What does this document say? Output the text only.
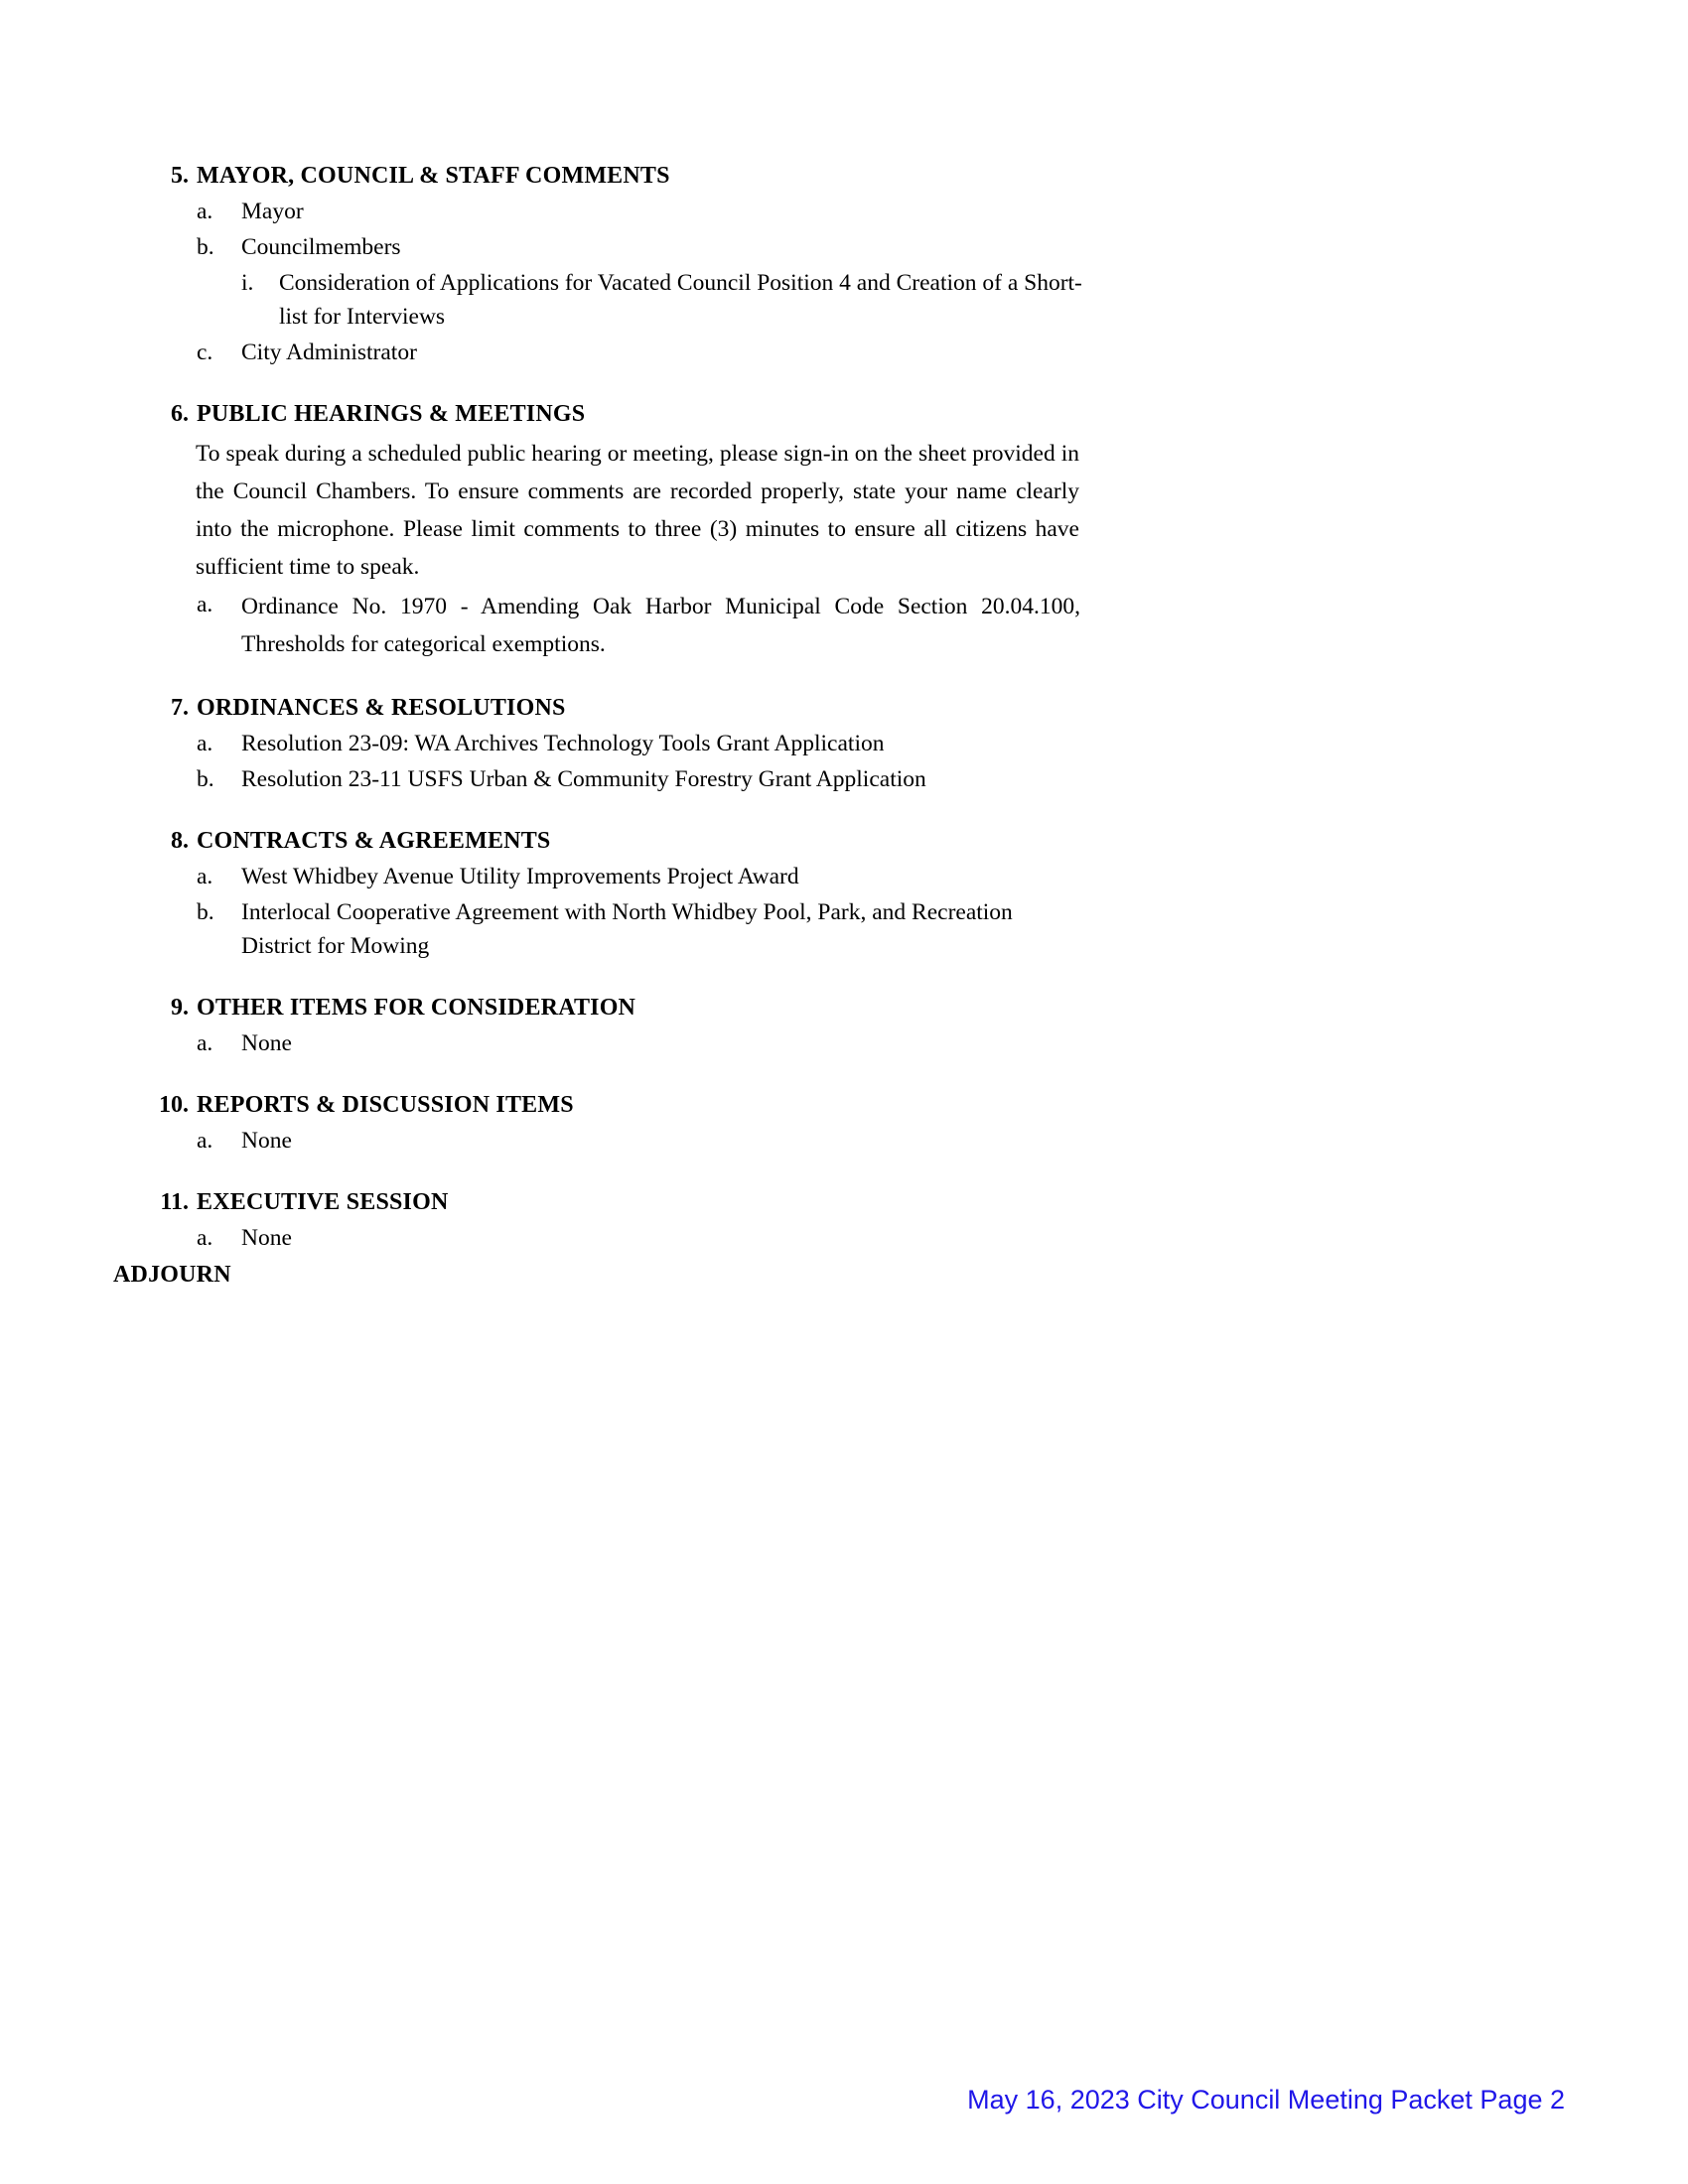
5. MAYOR, COUNCIL & STAFF COMMENTS
a.	Mayor
b.	Councilmembers
i.	Consideration of Applications for Vacated Council Position 4 and Creation of a Short-list for Interviews
c.	City Administrator
6. PUBLIC HEARINGS & MEETINGS

To speak during a scheduled public hearing or meeting, please sign-in on the sheet provided in the Council Chambers. To ensure comments are recorded properly, state your name clearly into the microphone. Please limit comments to three (3) minutes to ensure all citizens have sufficient time to speak.

a.	Ordinance No. 1970 - Amending Oak Harbor Municipal Code Section 20.04.100, Thresholds for categorical exemptions.
7. ORDINANCES & RESOLUTIONS
a.	Resolution 23-09: WA Archives Technology Tools Grant Application
b.	Resolution 23-11 USFS Urban & Community Forestry Grant Application
8. CONTRACTS & AGREEMENTS
a.	West Whidbey Avenue Utility Improvements Project Award
b.	Interlocal Cooperative Agreement with North Whidbey Pool, Park, and Recreation District for Mowing
9. OTHER ITEMS FOR CONSIDERATION
a.	None
10. REPORTS & DISCUSSION ITEMS
a.	None
11. EXECUTIVE SESSION
a.	None
ADJOURN
May 16, 2023 City Council Meeting Packet Page 2
